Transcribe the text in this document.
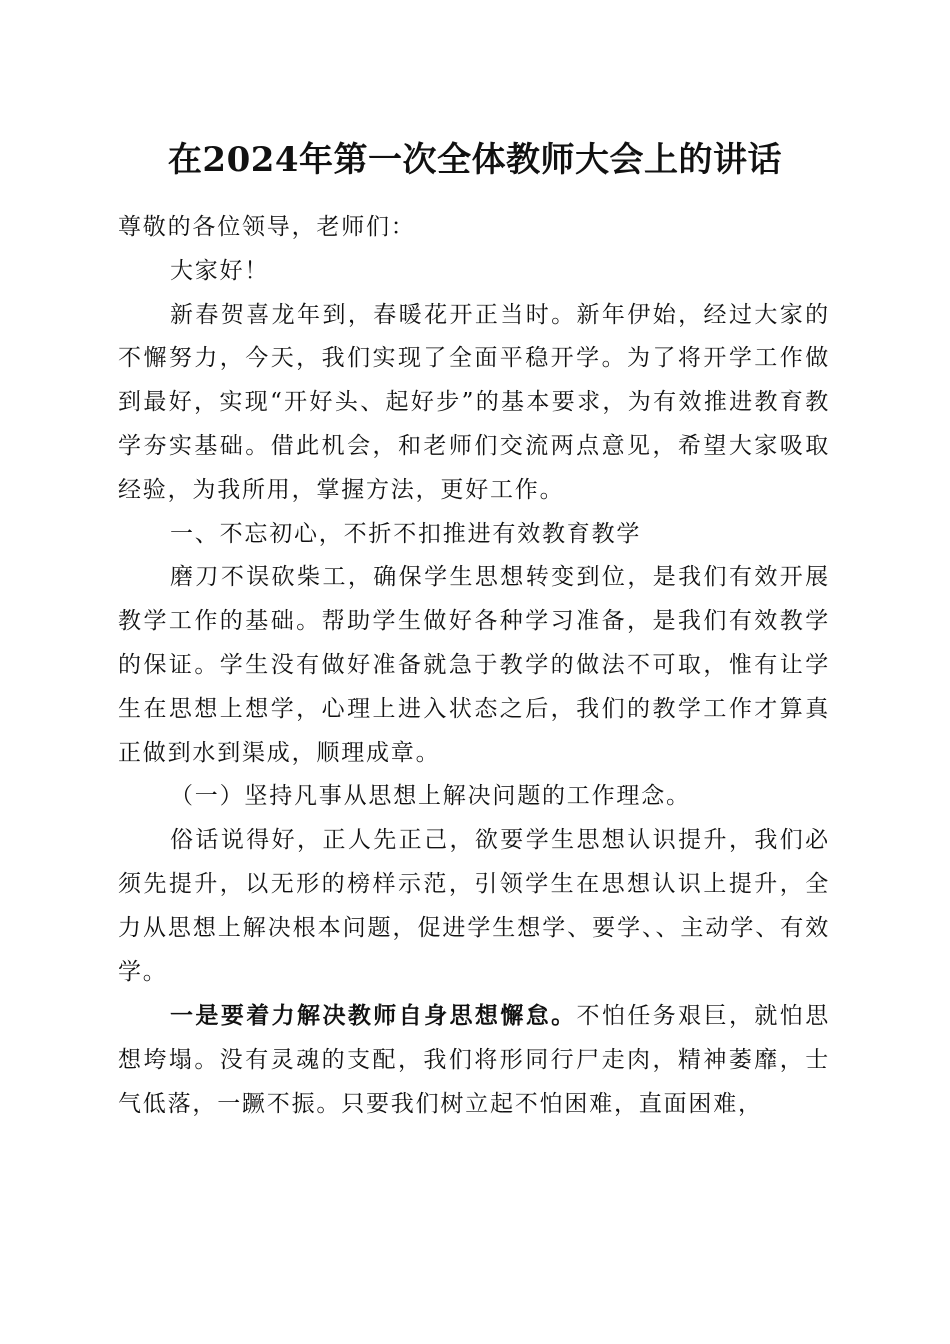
在2024年第一次全体教师大会上的讲话

尊敬的各位领导，老师们：

大家好！

新春贺喜龙年到，春暖花开正当时。新年伊始，经过大家的不懈努力，今天，我们实现了全面平稳开学。为了将开学工作做到最好，实现“开好头、起好步”的基本要求，为有效推进教育教学夯实基础。借此机会，和老师们交流两点意见，希望大家吸取经验，为我所用，掌握方法，更好工作。

一、不忘初心，不折不扣推进有效教育教学

磨刀不误砍柴工，确保学生思想转变到位，是我们有效开展教学工作的基础。帮助学生做好各种学习准备，是我们有效教学的保证。学生没有做好准备就急于教学的做法不可取，惟有让学生在思想上想学，心理上进入状态之后，我们的教学工作才算真正做到水到渠成，顺理成章。

（一）坚持凡事从思想上解决问题的工作理念。

俗话说得好，正人先正己，欲要学生思想认识提升，我们必须先提升，以无形的榜样示范，引领学生在思想认识上提升，全力从思想上解决根本问题，促进学生想学、要学、、主动学、有效学。

一是要着力解决教师自身思想懈怠。不怕任务艰巨，就怕思想垮塌。没有灵魂的支配，我们将形同行尸走肉，精神萎靡，士气低落，一蹶不振。只要我们树立起不怕困难，直面困难，
